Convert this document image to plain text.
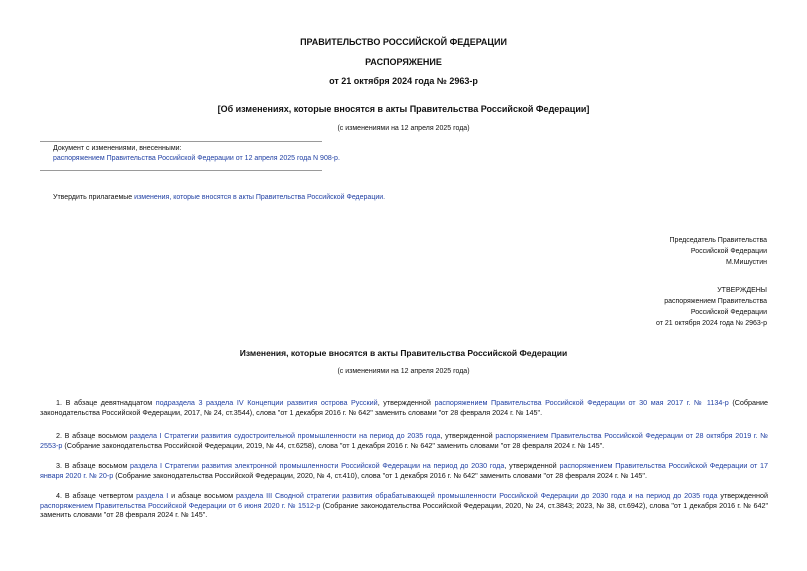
ПРАВИТЕЛЬСТВО РОССИЙСКОЙ ФЕДЕРАЦИИ
РАСПОРЯЖЕНИЕ
от 21 октября 2024 года № 2963-р
[Об изменениях, которые вносятся в акты Правительства Российской Федерации]
(с изменениями на 12 апреля 2025 года)
Документ с изменениями, внесенными:
распоряжением Правительства Российской Федерации от 12 апреля 2025 года N 908-р.
Утвердить прилагаемые изменения, которые вносятся в акты Правительства Российской Федерации.
Председатель Правительства
Российской Федерации
М.Мишустин
УТВЕРЖДЕНЫ
распоряжением Правительства
Российской Федерации
от 21 октября 2024 года № 2963-р
Изменения, которые вносятся в акты Правительства Российской Федерации
(с изменениями на 12 апреля 2025 года)
1. В абзаце девятнадцатом подраздела 3 раздела IV Концепции развития острова Русский, утвержденной распоряжением Правительства Российской Федерации от 30 мая 2017 г. № 1134-р (Собрание законодательства Российской Федерации, 2017, № 24, ст.3544), слова "от 1 декабря 2016 г. № 642" заменить словами "от 28 февраля 2024 г. № 145".
2. В абзаце восьмом раздела I Стратегии развития судостроительной промышленности на период до 2035 года, утвержденной распоряжением Правительства Российской Федерации от 28 октября 2019 г. № 2553-р (Собрание законодательства Российской Федерации, 2019, № 44, ст.6258), слова "от 1 декабря 2016 г. № 642" заменить словами "от 28 февраля 2024 г. № 145".
3. В абзаце восьмом раздела I Стратегии развития электронной промышленности Российской Федерации на период до 2030 года, утвержденной распоряжением Правительства Российской Федерации от 17 января 2020 г. № 20-р (Собрание законодательства Российской Федерации, 2020, № 4, ст.410), слова "от 1 декабря 2016 г. № 642" заменить словами "от 28 февраля 2024 г. № 145".
4. В абзаце четвертом раздела I и абзаце восьмом раздела III Сводной стратегии развития обрабатывающей промышленности Российской Федерации до 2030 года и на период до 2035 года утвержденной распоряжением Правительства Российской Федерации от 6 июня 2020 г. № 1512-р (Собрание законодательства Российской Федерации, 2020, № 24, ст.3843; 2023, № 38, ст.6942), слова "от 1 декабря 2016 г. № 642" заменить словами "от 28 февраля 2024 г. № 145".
